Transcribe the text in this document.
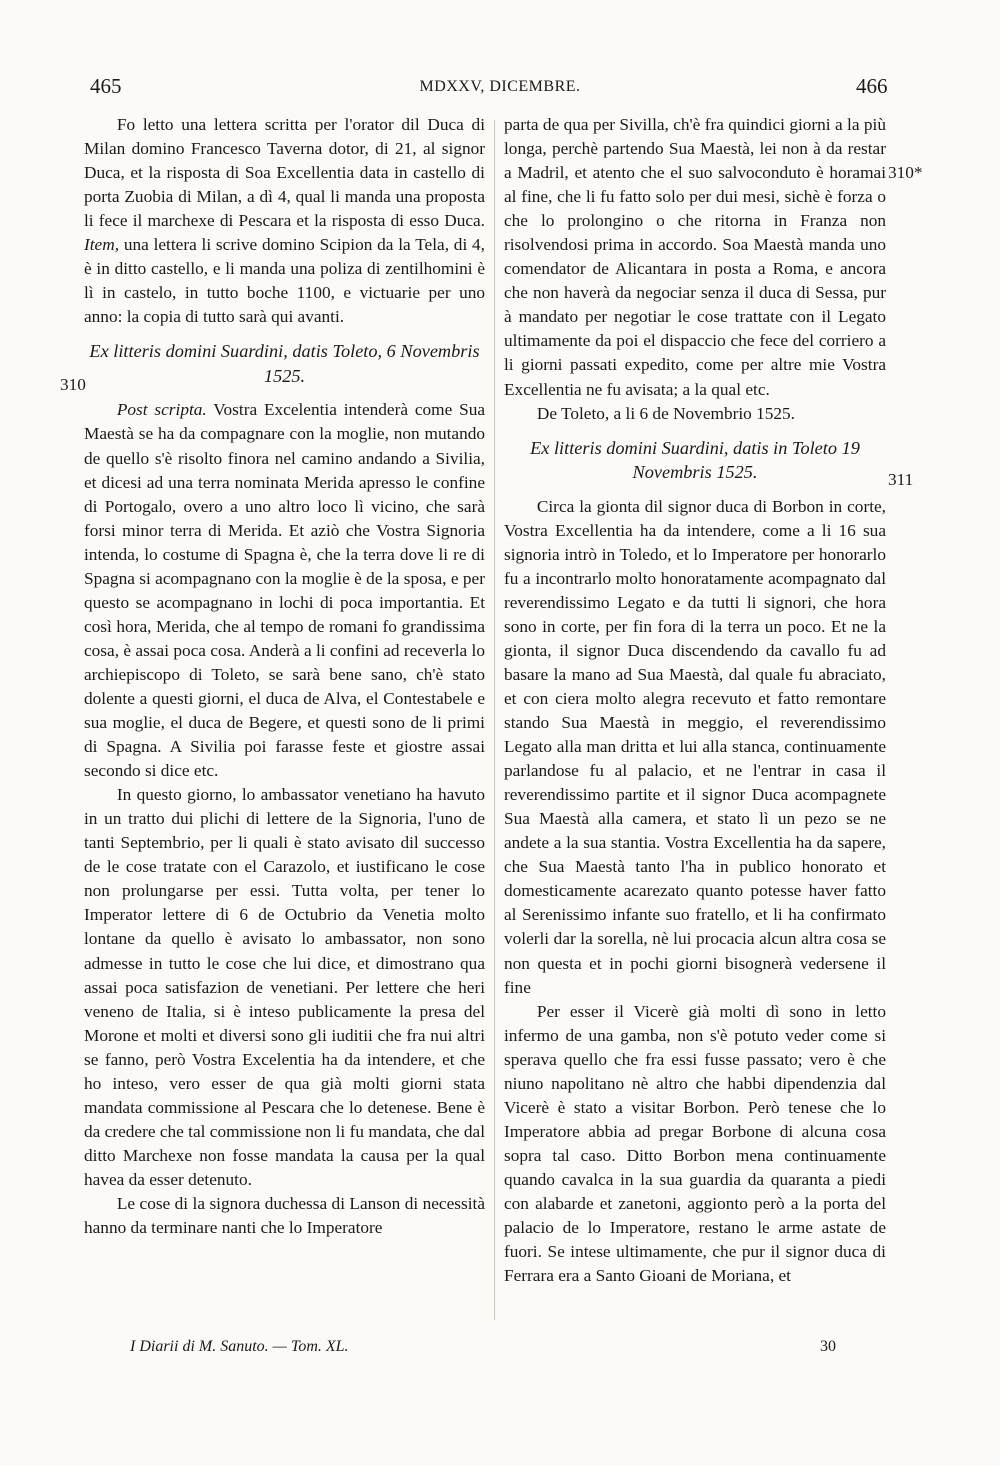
465	MDXXV, DICEMBRE.	466
310
310*
311

Fo letto una lettera scritta per l'orator dil Duca di Milan domino Francesco Taverna dotor, di 21, al signor Duca, et la risposta di Soa Excellentia data in castello di porta Zuobia di Milan, a dì 4, qual li manda una proposta li fece il marchexe di Pescara et la risposta di esso Duca. Item, una lettera li scrive domino Scipion da la Tela, di 4, è in ditto castello, e li manda una poliza di zentilhomini è lì in castelo, in tutto boche 1100, e victuarie per uno anno: la copia di tutto sarà qui avanti.

Ex litteris domini Suardini, datis Toleto, 6 Novembris 1525.

Post scripta. Vostra Excelentia intenderà come Sua Maestà se ha da compagnare con la moglie, non mutando de quello s'è risolto finora nel camino andando a Sivilia, et dicesi ad una terra nominata Merida apresso le confine di Portogalo, overo a uno altro loco lì vicino, che sarà forsi minor terra di Merida. Et aziò che Vostra Signoria intenda, lo costume di Spagna è, che la terra dove li re di Spagna si acompagnano con la moglie è de la sposa, e per questo se acompagnano in lochi di poca importantia. Et così hora, Merida, che al tempo de romani fo grandissima cosa, è assai poca cosa. Anderà a li confini ad receverla lo archiepiscopo di Toleto, se sarà bene sano, ch'è stato dolente a questi giorni, el duca de Alva, el Contestabele e sua moglie, el duca de Begere, et questi sono de li primi di Spagna. A Sivilia poi farasse feste et giostre assai secondo si dice etc.

In questo giorno, lo ambassator venetiano ha havuto in un tratto dui plichi di lettere de la Signoria, l'uno de tanti Septembrio, per li quali è stato avisato dil successo de le cose tratate con el Carazolo, et iustificano le cose non prolungarse per essi. Tutta volta, per tener lo Imperator lettere di 6 de Octubrio da Venetia molto lontane da quello è avisato lo ambassator, non sono admesse in tutto le cose che lui dice, et dimostrano qua assai poca satisfazion de venetiani. Per lettere che heri veneno de Italia, si è inteso publicamente la presa del Morone et molti et diversi sono gli iuditii che fra nui altri se fanno, però Vostra Excelentia ha da intendere, et che ho inteso, vero esser de qua già molti giorni stata mandata commissione al Pescara che lo detenese. Bene è da credere che tal commissione non li fu mandata, che dal ditto Marchexe non fosse mandata la causa per la qual havea da esser detenuto.

Le cose di la signora duchessa di Lanson di necessità hanno da terminare nanti che lo Imperatore

parta de qua per Sivilla, ch'è fra quindici giorni a la più longa, perchè partendo Sua Maestà, lei non à da restar a Madril, et atento che el suo salvoconduto è horamai al fine, che li fu fatto solo per dui mesi, sichè è forza o che lo prolongino o che ritorna in Franza non risolvendosi prima in accordo. Soa Maestà manda uno comendator de Alicantara in posta a Roma, e ancora che non haverà da negociar senza il duca di Sessa, pur à mandato per negotiar le cose trattate con il Legato ultimamente da poi el dispaccio che fece del corriero a li giorni passati expedito, come per altre mie Vostra Excellentia ne fu avisata; a la qual etc.

De Toleto, a li 6 de Novembrio 1525.

Ex litteris domini Suardini, datis in Toleto 19 Novembris 1525.

Circa la gionta dil signor duca di Borbon in corte, Vostra Excellentia ha da intendere, come a li 16 sua signoria intrò in Toledo, et lo Imperatore per honorarlo fu a incontrarlo molto honoratamente acompagnato dal reverendissimo Legato e da tutti li signori, che hora sono in corte, per fin fora di la terra un poco. Et ne la gionta, il signor Duca discendendo da cavallo fu ad basare la mano ad Sua Maestà, dal quale fu abraciato, et con ciera molto alegra recevuto et fatto remontare stando Sua Maestà in meggio, el reverendissimo Legato alla man dritta et lui alla stanca, continuamente parlandose fu al palacio, et ne l'entrar in casa il reverendissimo partite et il signor Duca acompagnete Sua Maestà alla camera, et stato lì un pezo se ne andete a la sua stantia. Vostra Excellentia ha da sapere, che Sua Maestà tanto l'ha in publico honorato et domesticamente acarezato quanto potesse haver fatto al Serenissimo infante suo fratello, et li ha confirmato volerli dar la sorella, nè lui procacia alcun altra cosa se non questa et in pochi giorni bisognerà vedersene il fine

Per esser il Vicerè già molti dì sono in letto infermo de una gamba, non s'è potuto veder come si sperava quello che fra essi fusse passato; vero è che niuno napolitano nè altro che habbi dipendenzia dal Vicerè è stato a visitar Borbon. Però tenese che lo Imperatore abbia ad pregar Borbone di alcuna cosa sopra tal caso. Ditto Borbon mena continuamente quando cavalca in la sua guardia da quaranta a piedi con alabarde et zanetoni, aggionto però a la porta del palacio de lo Imperatore, restano le arme astate de fuori. Se intese ultimamente, che pur il signor duca di Ferrara era a Santo Gioani de Moriana, et

I Diarii di M. Sanuto. — Tom. XL.	30
